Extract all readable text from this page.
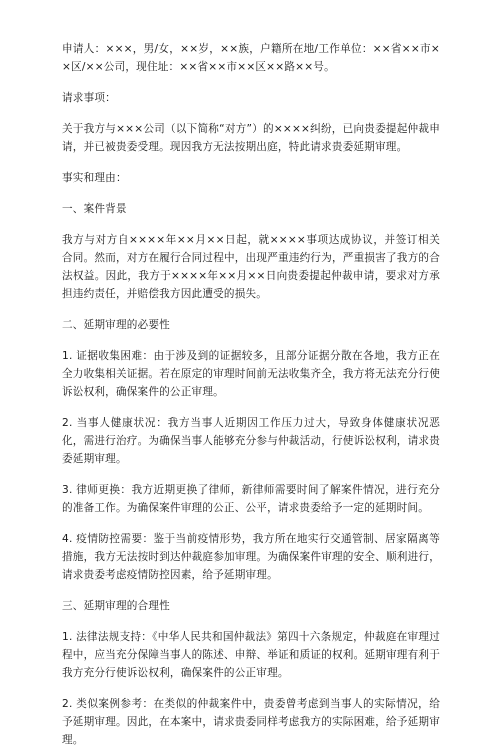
申请人：×××，男/女，××岁，××族，户籍所在地/工作单位：××省××市××区/××公司，现住址：××省××市××区××路××号。

请求事项：

关于我方与×××公司（以下简称“对方”）的××××纠纷，已向贵委提起仲裁申请，并已被贵委受理。现因我方无法按期出庭，特此请求贵委延期审理。

事实和理由：

一、案件背景

我方与对方自××××年××月××日起，就××××事项达成协议，并签订相关合同。然而，对方在履行合同过程中，出现严重违约行为，严重损害了我方的合法权益。因此，我方于××××年××月××日向贵委提起仲裁申请，要求对方承担违约责任，并赔偿我方因此遭受的损失。

二、延期审理的必要性

1. 证据收集困难：由于涉及到的证据较多，且部分证据分散在各地，我方正在全力收集相关证据。若在原定的审理时间前无法收集齐全，我方将无法充分行使诉讼权利，确保案件的公正审理。

2. 当事人健康状况：我方当事人近期因工作压力过大，导致身体健康状况恶化，需进行治疗。为确保当事人能够充分参与仲裁活动，行使诉讼权利，请求贵委延期审理。

3. 律师更换：我方近期更换了律师，新律师需要时间了解案件情况，进行充分的准备工作。为确保案件审理的公正、公平，请求贵委给予一定的延期时间。

4. 疫情防控需要：鉴于当前疫情形势，我方所在地实行交通管制、居家隔离等措施，我方无法按时到达仲裁庭参加审理。为确保案件审理的安全、顺利进行，请求贵委考虑疫情防控因素，给予延期审理。

三、延期审理的合理性

1. 法律法规支持：《中华人民共和国仲裁法》第四十六条规定，仲裁庭在审理过程中，应当充分保障当事人的陈述、申辩、举证和质证的权利。延期审理有利于我方充分行使诉讼权利，确保案件的公正审理。

2. 类似案例参考：在类似的仲裁案件中，贵委曾考虑到当事人的实际情况，给予延期审理。因此，在本案中，请求贵委同样考虑我方的实际困难，给予延期审理。
